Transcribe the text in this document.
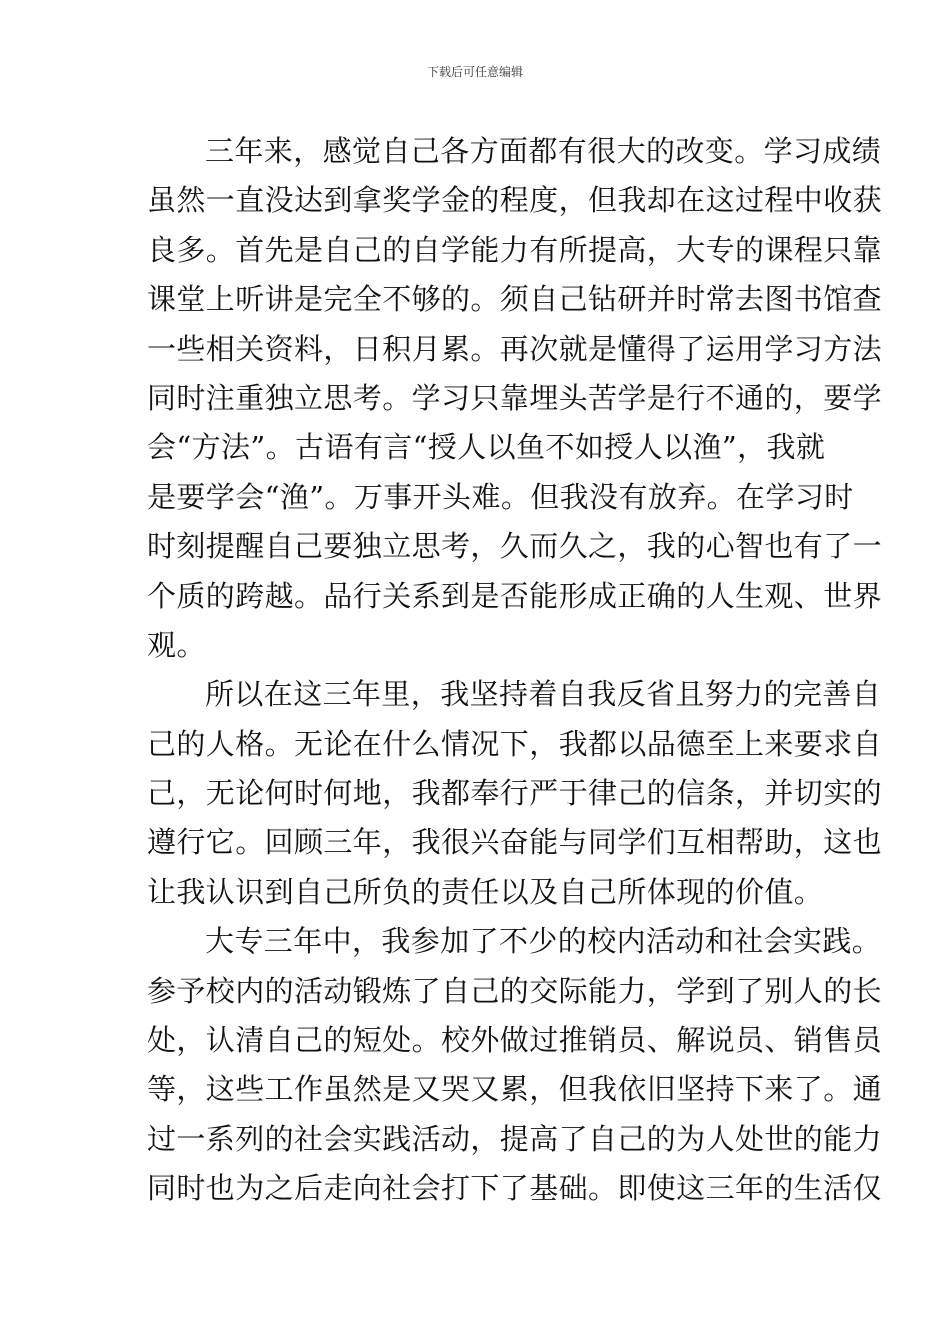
下载后可任意编辑
三年来，感觉自己各方面都有很大的改变。学习成绩
虽然一直没达到拿奖学金的程度，但我却在这过程中收获
良多。首先是自己的自学能力有所提高，大专的课程只靠
课堂上听讲是完全不够的。须自己钻研并时常去图书馆查
一些相关资料，日积月累。再次就是懂得了运用学习方法
同时注重独立思考。学习只靠埋头苦学是行不通的，要学
会“方法”。古语有言“授人以鱼不如授人以渔”，我就
是要学会“渔”。万事开头难。但我没有放弃。在学习时
时刻提醒自己要独立思考，久而久之，我的心智也有了一
个质的跨越。品行关系到是否能形成正确的人生观、世界
观。
所以在这三年里，我坚持着自我反省且努力的完善自
己的人格。无论在什么情况下，我都以品德至上来要求自
己，无论何时何地，我都奉行严于律己的信条，并切实的
遵行它。回顾三年，我很兴奋能与同学们互相帮助，这也
让我认识到自己所负的责任以及自己所体现的价值。
大专三年中，我参加了不少的校内活动和社会实践。
参予校内的活动锻炼了自己的交际能力，学到了别人的长
处，认清自己的短处。校外做过推销员、解说员、销售员
等，这些工作虽然是又哭又累，但我依旧坚持下来了。通
过一系列的社会实践活动，提高了自己的为人处世的能力
同时也为之后走向社会打下了基础。即使这三年的生活仅
